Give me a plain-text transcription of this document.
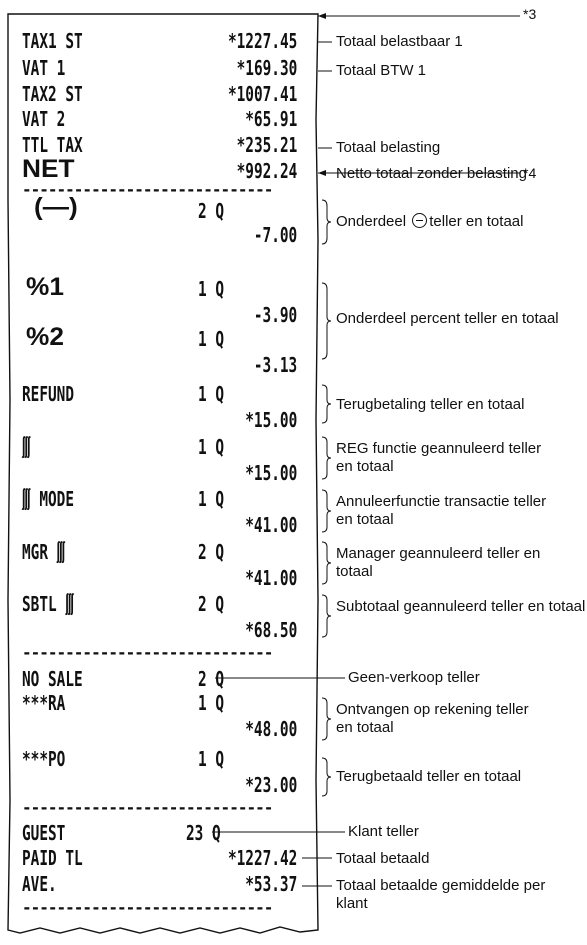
*3
*4
TAX1 ST	*1227.45
VAT 1	*169.30
TAX2 ST	*1007.41
VAT 2	*65.91
TTL TAX	*235.21
NET	*992.24
-----------------------------
(—)	2 Q
-7.00
%1	1 Q
-3.90
%2	1 Q
-3.13
REFUND	1 Q
*15.00
∭	1 Q
*15.00
∭ MODE	1 Q
*41.00
MGR ∭	2 Q
*41.00
SBTL ∭	2 Q
*68.50
-----------------------------
NO SALE	2 Q
***RA	1 Q
*48.00
***PO	1 Q
*23.00
-----------------------------
GUEST	23 Q
PAID TL	*1227.42
AVE.	*53.37
-----------------------------
Totaal belastbaar 1
Totaal BTW 1
Totaal belasting
Netto totaal zonder belasting
Onderdeel teller en totaal
Onderdeel percent teller en totaal
Terugbetaling teller en totaal
REG functie geannuleerd teller en totaal
Annuleerfunctie transactie teller en totaal
Manager geannuleerd teller en totaal
Subtotaal geannuleerd teller en totaal
Geen-verkoop teller
Ontvangen op rekening teller en totaal
Terugbetaald teller en totaal
Klant teller
Totaal betaald
Totaal betaalde gemiddelde per klant
